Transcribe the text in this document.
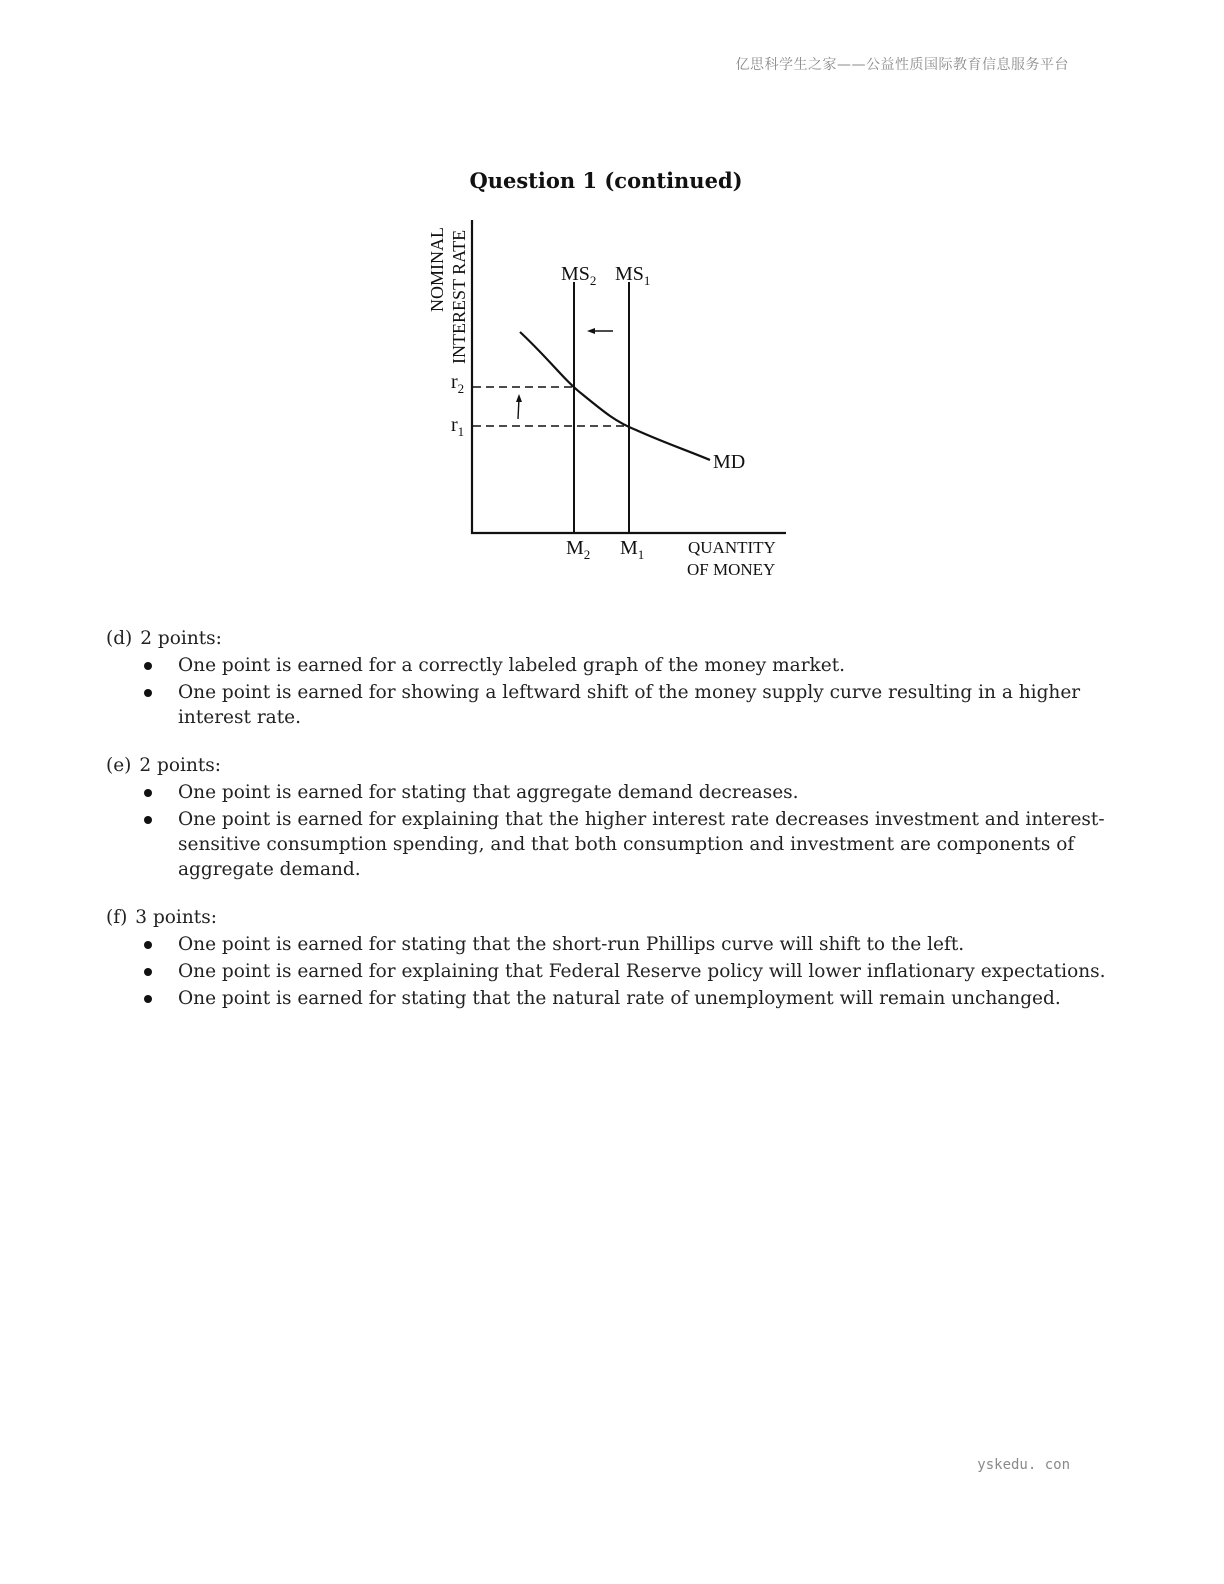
亿思科学生之家——公益性质国际教育信息服务平台
Question 1 (continued)
NOMINAL INTEREST RATE	$MS_2$ $MS_1$
MD
$r_2$
$r_1$
$M_2$ $M_1$	QUANTITY
OF MONEY
(d) 2 points:
One point is earned for a correctly labeled graph of the money market.
One point is earned for showing a leftward shift of the money supply curve resulting in a higher interest rate.
(e) 2 points:
One point is earned for stating that aggregate demand decreases.
One point is earned for explaining that the higher interest rate decreases investment and interest-sensitive consumption spending, and that both consumption and investment are components of aggregate demand.
(f) 3 points:
One point is earned for stating that the short-run Phillips curve will shift to the left.
One point is earned for explaining that Federal Reserve policy will lower inflationary expectations.
One point is earned for stating that the natural rate of unemployment will remain unchanged.
yskedu. con
